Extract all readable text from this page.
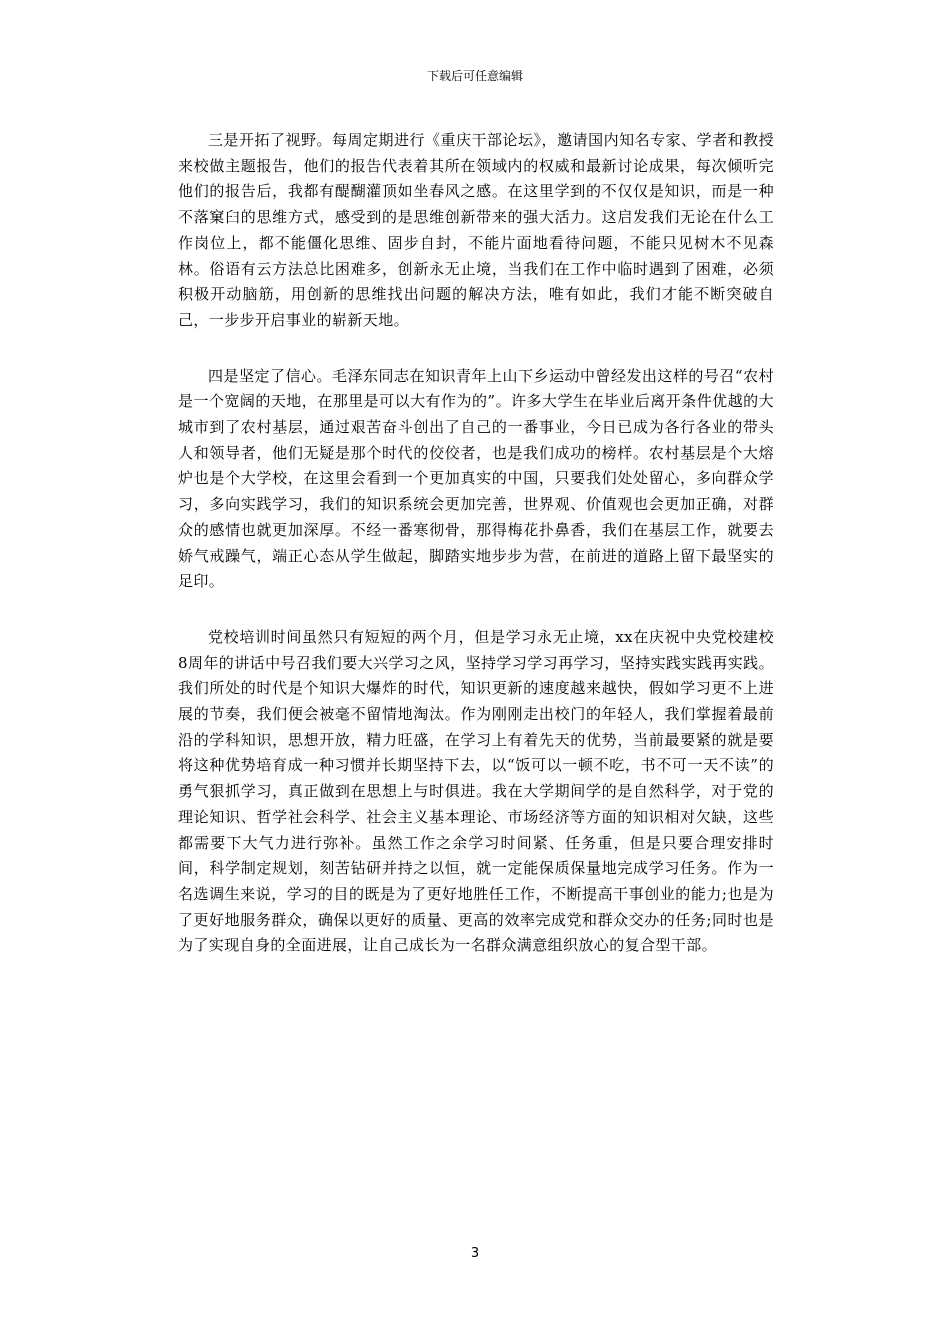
下载后可任意编辑

三是开拓了视野。每周定期进行《重庆干部论坛》，邀请国内知名专家、学者和教授来校做主题报告，他们的报告代表着其所在领域内的权威和最新讨论成果，每次倾听完他们的报告后，我都有醍醐灌顶如坐春风之感。在这里学到的不仅仅是知识，而是一种不落窠臼的思维方式，感受到的是思维创新带来的强大活力。这启发我们无论在什么工作岗位上，都不能僵化思维、固步自封，不能片面地看待问题，不能只见树木不见森林。俗语有云方法总比困难多，创新永无止境，当我们在工作中临时遇到了困难，必须积极开动脑筋，用创新的思维找出问题的解决方法，唯有如此，我们才能不断突破自己，一步步开启事业的崭新天地。

四是坚定了信心。毛泽东同志在知识青年上山下乡运动中曾经发出这样的号召“农村是一个宽阔的天地，在那里是可以大有作为的”。许多大学生在毕业后离开条件优越的大城市到了农村基层，通过艰苦奋斗创出了自己的一番事业，今日已成为各行各业的带头人和领导者，他们无疑是那个时代的佼佼者，也是我们成功的榜样。农村基层是个大熔炉也是个大学校，在这里会看到一个更加真实的中国，只要我们处处留心，多向群众学习，多向实践学习，我们的知识系统会更加完善，世界观、价值观也会更加正确，对群众的感情也就更加深厚。不经一番寒彻骨，那得梅花扑鼻香，我们在基层工作，就要去娇气戒躁气，端正心态从学生做起，脚踏实地步步为营，在前进的道路上留下最坚实的足印。

党校培训时间虽然只有短短的两个月，但是学习永无止境，xx在庆祝中央党校建校8周年的讲话中号召我们要大兴学习之风，坚持学习学习再学习，坚持实践实践再实践。我们所处的时代是个知识大爆炸的时代，知识更新的速度越来越快，假如学习更不上进展的节奏，我们便会被毫不留情地淘汰。作为刚刚走出校门的年轻人，我们掌握着最前沿的学科知识，思想开放，精力旺盛，在学习上有着先天的优势，当前最要紧的就是要将这种优势培育成一种习惯并长期坚持下去，以“饭可以一顿不吃，书不可一天不读”的勇气狠抓学习，真正做到在思想上与时俱进。我在大学期间学的是自然科学，对于党的理论知识、哲学社会科学、社会主义基本理论、市场经济等方面的知识相对欠缺，这些都需要下大气力进行弥补。虽然工作之余学习时间紧、任务重，但是只要合理安排时间，科学制定规划，刻苦钻研并持之以恒，就一定能保质保量地完成学习任务。作为一名选调生来说，学习的目的既是为了更好地胜任工作，不断提高干事创业的能力;也是为了更好地服务群众，确保以更好的质量、更高的效率完成党和群众交办的任务;同时也是为了实现自身的全面进展，让自己成长为一名群众满意组织放心的复合型干部。

3
